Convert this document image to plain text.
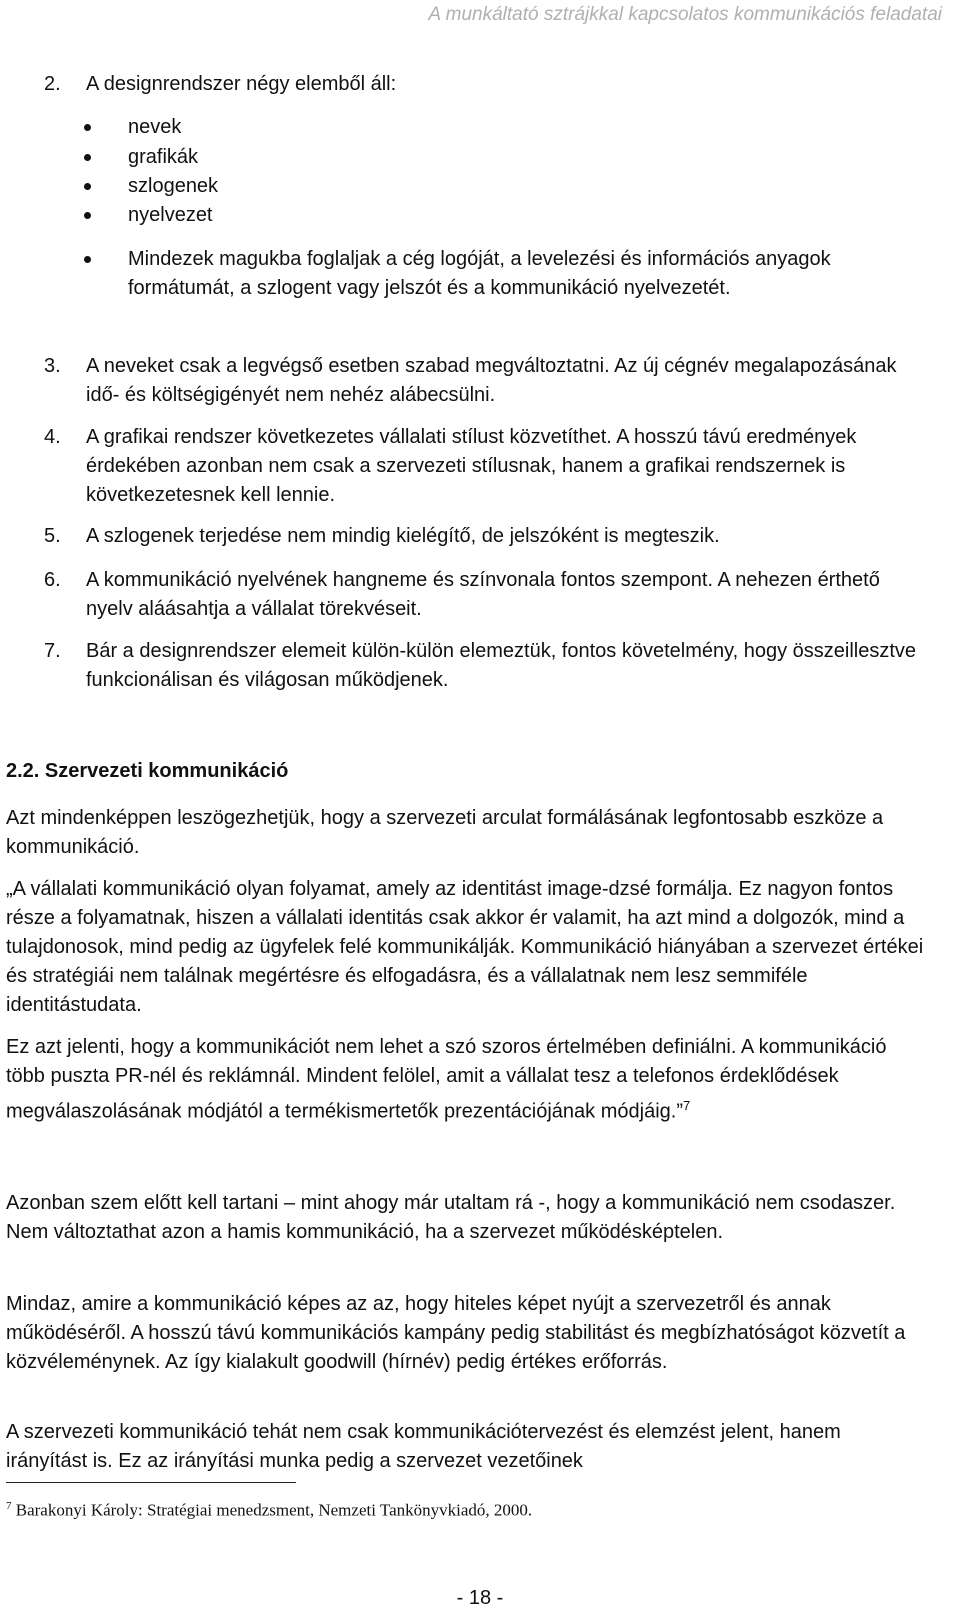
A munkáltató sztrájkkal kapcsolatos kommunikációs feladatai
2. A designrendszer négy elemből áll:
nevek
grafikák
szlogenek
nyelvezet
Mindezek magukba foglaljak a cég logóját, a levelezési és információs anyagok formátumát, a szlogent vagy jelszót és a kommunikáció nyelvezetét.
3. A neveket csak a legvégső esetben szabad megváltoztatni. Az új cégnév megalapozásának idő- és költségigényét nem nehéz alábecsülni.
4. A grafikai rendszer következetes vállalati stílust közvetíthet. A hosszú távú eredmények érdekében azonban nem csak a szervezeti stílusnak, hanem a grafikai rendszernek is következetesnek kell lennie.
5. A szlogenek terjedése nem mindig kielégítő, de jelszóként is megteszik.
6. A kommunikáció nyelvének hangneme és színvonala fontos szempont. A nehezen érthető nyelv aláásahtja a vállalat törekvéseit.
7. Bár a designrendszer elemeit külön-külön elemeztük, fontos követelmény, hogy összeillesztve funkcionálisan és világosan működjenek.
2.2. Szervezeti kommunikáció
Azt mindenképpen leszögezhetjük, hogy a szervezeti arculat formálásának legfontosabb eszköze a kommunikáció.
„A vállalati kommunikáció olyan folyamat, amely az identitást image-dzsé formálja. Ez nagyon fontos része a folyamatnak, hiszen a vállalati identitás csak akkor ér valamit, ha azt mind a dolgozók, mind a tulajdonosok, mind pedig az ügyfelek felé kommunikálják. Kommunikáció hiányában a szervezet értékei és stratégiái nem találnak megértésre és elfogadásra, és a vállalatnak nem lesz semmiféle identitástudata.
Ez azt jelenti, hogy a kommunikációt nem lehet a szó szoros értelmében definiálni. A kommunikáció több puszta PR-nél és reklámnál. Mindent felölel, amit a vállalat tesz a telefonos érdeklődések megválaszolásának módjától a termékismertetők prezentációjának módjáig.”$^7$
Azonban szem előtt kell tartani – mint ahogy már utaltam rá -, hogy a kommunikáció nem csodaszer. Nem változtathat azon a hamis kommunikáció, ha a szervezet működésképtelen.
Mindaz, amire a kommunikáció képes az az, hogy hiteles képet nyújt a szervezetről és annak működéséről. A hosszú távú kommunikációs kampány pedig stabilitást és megbízhatóságot közvetít a közvéleménynek. Az így kialakult goodwill (hírnév) pedig értékes erőforrás.
A szervezeti kommunikáció tehát nem csak kommunikációtervezést és elemzést jelent, hanem irányítást is. Ez az irányítási munka pedig a szervezet vezetőinek
$^7$ Barakonyi Károly: Stratégiai menedzsment, Nemzeti Tankönyvkiadó, 2000.
- 18 -
